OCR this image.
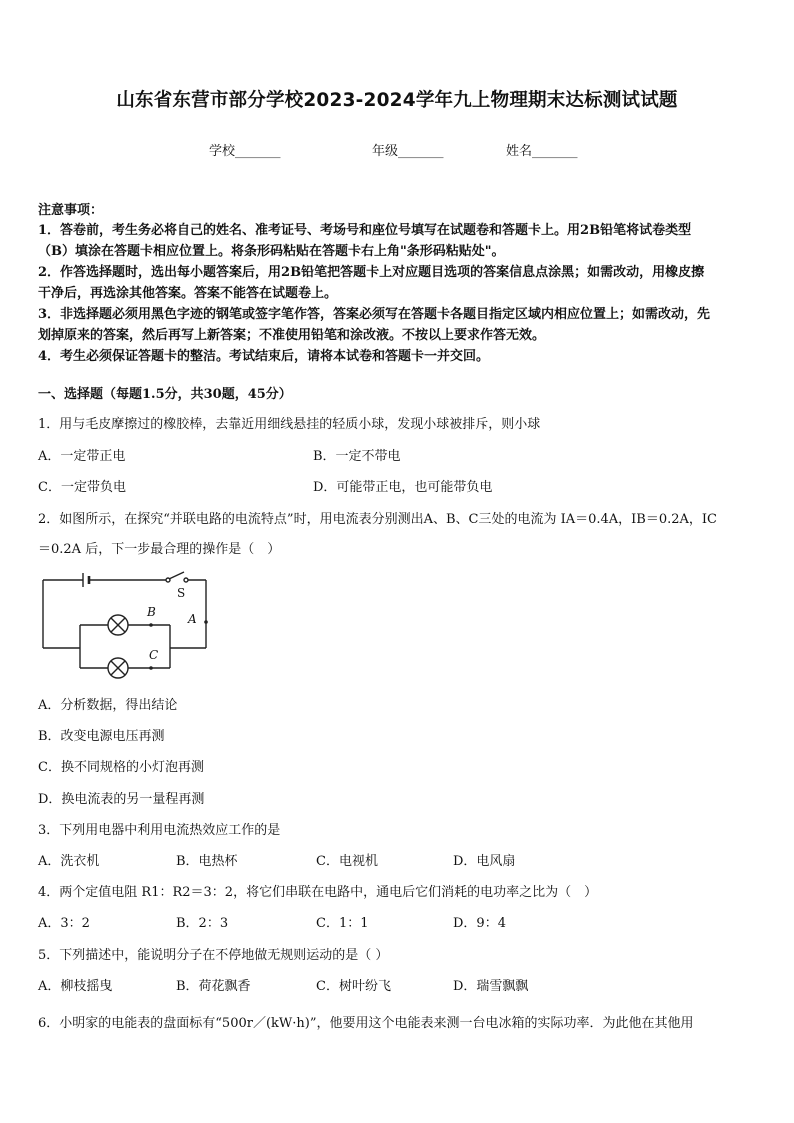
山东省东营市部分学校2023-2024学年九上物理期末达标测试试题
学校_______	年级_______	姓名_______
注意事项：
1．答卷前，考生务必将自己的姓名、准考证号、考场号和座位号填写在试题卷和答题卡上。用2B铅笔将试卷类型
（B）填涂在答题卡相应位置上。将条形码粘贴在答题卡右上角"条形码粘贴处"。
2．作答选择题时，选出每小题答案后，用2B铅笔把答题卡上对应题目选项的答案信息点涂黑；如需改动，用橡皮擦
干净后，再选涂其他答案。答案不能答在试题卷上。
3．非选择题必须用黑色字迹的钢笔或签字笔作答，答案必须写在答题卡各题目指定区域内相应位置上；如需改动，先
划掉原来的答案，然后再写上新答案；不准使用铅笔和涂改液。不按以上要求作答无效。
4．考生必须保证答题卡的整洁。考试结束后，请将本试卷和答题卡一并交回。
一、选择题（每题1.5分，共30题，45分）
1．用与毛皮摩擦过的橡胶棒，去靠近用细线悬挂的轻质小球，发现小球被排斥，则小球
A．一定带正电	B．一定不带电
C．一定带负电	D．可能带正电，也可能带负电
2．如图所示，在探究“并联电路的电流特点”时，用电流表分别测出A、B、C三处的电流为 IA＝0.4A，IB＝0.2A，IC
＝0.2A 后，下一步最合理的操作是（　）
S
A
B
C
A．分析数据，得出结论
B．改变电源电压再测
C．换不同规格的小灯泡再测
D．换电流表的另一量程再测
3．下列用电器中利用电流热效应工作的是
A．洗衣机	B．电热杯	C．电视机	D．电风扇
4．两个定值电阻 R1：R2＝3：2，将它们串联在电路中，通电后它们消耗的电功率之比为（　）
A．3：2	B．2：3	C．1：1	D．9：4
5．下列描述中，能说明分子在不停地做无规则运动的是（ ）
A．柳枝摇曳	B．荷花飘香	C．树叶纷飞	D．瑞雪飘飘
6．小明家的电能表的盘面标有“500r／(kW·h)”，他要用这个电能表来测一台电冰箱的实际功率．为此他在其他用
